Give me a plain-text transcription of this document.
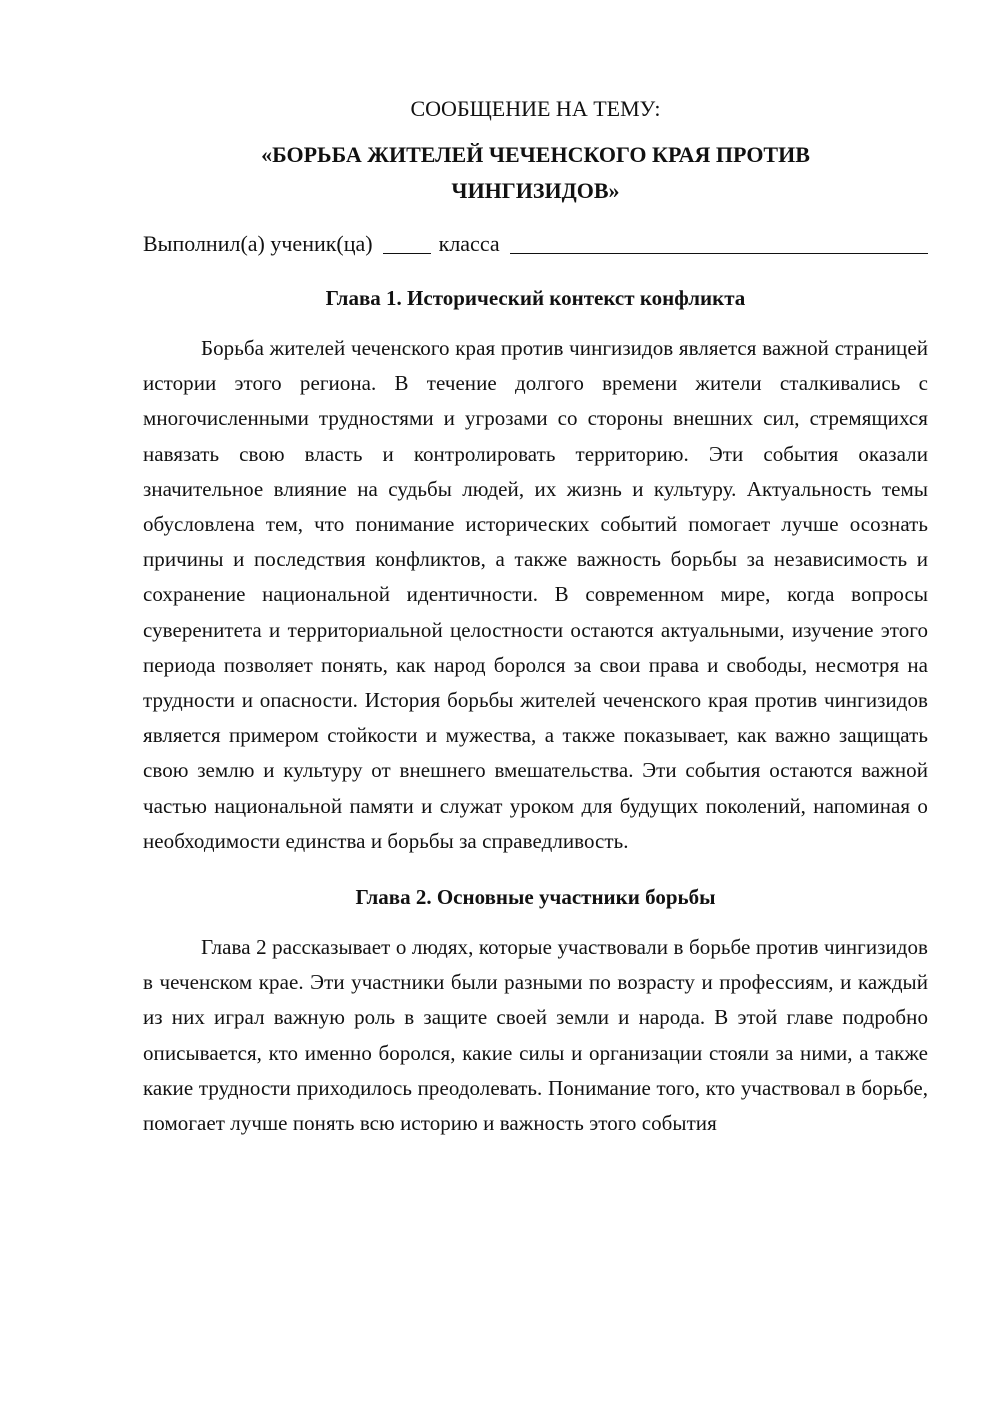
СООБЩЕНИЕ НА ТЕМУ:
«БОРЬБА ЖИТЕЛЕЙ ЧЕЧЕНСКОГО КРАЯ ПРОТИВ
ЧИНГИЗИДОВ»
Выполнил(а) ученик(ца)	класса
Глава 1. Исторический контекст конфликта

Борьба жителей чеченского края против чингизидов является важной страницей истории этого региона. В течение долгого времени жители сталкивались с многочисленными трудностями и угрозами со стороны внешних сил, стремящихся навязать свою власть и контролировать территорию. Эти события оказали значительное влияние на судьбы людей, их жизнь и культуру. Актуальность темы обусловлена тем, что понимание исторических событий помогает лучше осознать причины и последствия конфликтов, а также важность борьбы за независимость и сохранение национальной идентичности. В современном мире, когда вопросы суверенитета и территориальной целостности остаются актуальными, изучение этого периода позволяет понять, как народ боролся за свои права и свободы, несмотря на трудности и опасности. История борьбы жителей чеченского края против чингизидов является примером стойкости и мужества, а также показывает, как важно защищать свою землю и культуру от внешнего вмешательства. Эти события остаются важной частью национальной памяти и служат уроком для будущих поколений, напоминая о необходимости единства и борьбы за справедливость.

Глава 2. Основные участники борьбы

Глава 2 рассказывает о людях, которые участвовали в борьбе против чингизидов в чеченском крае. Эти участники были разными по возрасту и профессиям, и каждый из них играл важную роль в защите своей земли и народа. В этой главе подробно описывается, кто именно боролся, какие силы и организации стояли за ними, а также какие трудности приходилось преодолевать. Понимание того, кто участвовал в борьбе, помогает лучше понять всю историю и важность этого события
